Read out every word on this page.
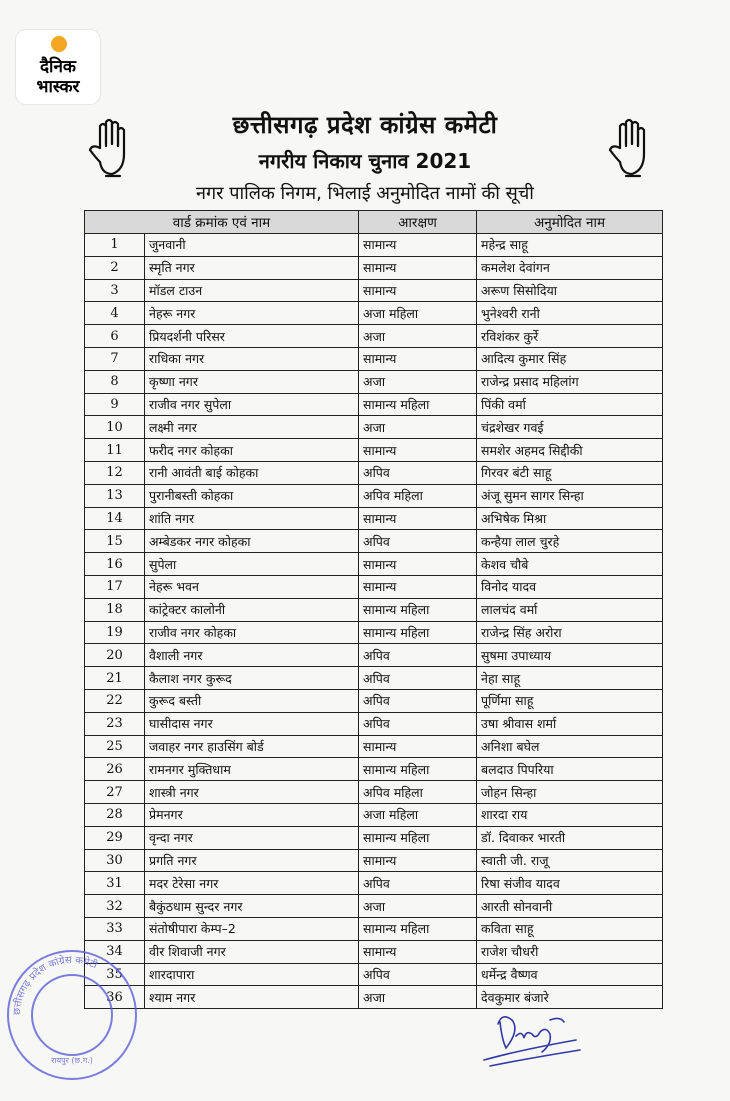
दैनिक
भास्कर
छत्तीसगढ़ प्रदेश कांग्रेस कमेटी
नगरीय निकाय चुनाव 2021
नगर पालिक निगम, भिलाई अनुमोदित नामों की सूची
वार्ड क्रमांक एवं नाम		आरक्षण	अनुमोदित नाम
1	जुनवानी	सामान्य	महेन्द्र साहू
2	स्मृति नगर	सामान्य	कमलेश देवांगन
3	मॉडल टाउन	सामान्य	अरूण सिसोदिया
4	नेहरू नगर	अजा महिला	भुनेश्वरी रानी
6	प्रियदर्शनी परिसर	अजा	रविशंकर कुर्रे
7	राधिका नगर	सामान्य	आदित्य कुमार सिंह
8	कृष्णा नगर	अजा	राजेन्द्र प्रसाद महिलांग
9	राजीव नगर सुपेला	सामान्य महिला	पिंकी वर्मा
10	लक्ष्मी नगर	अजा	चंद्रशेखर गवई
11	फरीद नगर कोहका	सामान्य	समशेर अहमद सिद्दीकी
12	रानी आवंती बाई कोहका	अपिव	गिरवर बंटी साहू
13	पुरानीबस्ती कोहका	अपिव महिला	अंजू सुमन सागर सिन्हा
14	शांति नगर	सामान्य	अभिषेक मिश्रा
15	अम्बेडकर नगर कोहका	अपिव	कन्हैया लाल चुरहे
16	सुपेला	सामान्य	केशव चौबे
17	नेहरू भवन	सामान्य	विनोद यादव
18	कांट्रेक्टर कालोनी	सामान्य महिला	लालचंद वर्मा
19	राजीव नगर कोहका	सामान्य महिला	राजेन्द्र सिंह अरोरा
20	वैशाली नगर	अपिव	सुषमा उपाध्याय
21	कैलाश नगर कुरूद	अपिव	नेहा साहू
22	कुरूद बस्ती	अपिव	पूर्णिमा साहू
23	घासीदास नगर	अपिव	उषा श्रीवास शर्मा
25	जवाहर नगर हाउसिंग बोर्ड	सामान्य	अनिशा बघेल
26	रामनगर मुक्तिधाम	सामान्य महिला	बलदाउ पिपरिया
27	शास्त्री नगर	अपिव महिला	जोहन सिन्हा
28	प्रेमनगर	अजा महिला	शारदा राय
29	वृन्दा नगर	सामान्य महिला	डॉ. दिवाकर भारती
30	प्रगति नगर	सामान्य	स्वाती जी. राजू
31	मदर टेरेसा नगर	अपिव	रिषा संजीव यादव
32	बैकुंठधाम सुन्दर नगर	अजा	आरती सोनवानी
33	संतोषीपारा केम्प–2	सामान्य महिला	कविता साहू
34	वीर शिवाजी नगर	सामान्य	राजेश चौधरी
35	शारदापारा	अपिव	धर्मेन्द्र वैष्णव
36	श्याम नगर	अजा	देवकुमार बंजारे
छत्तीसगढ़ प्रदेश कांग्रेस कमेटी
रायपुर (छ.ग.)
